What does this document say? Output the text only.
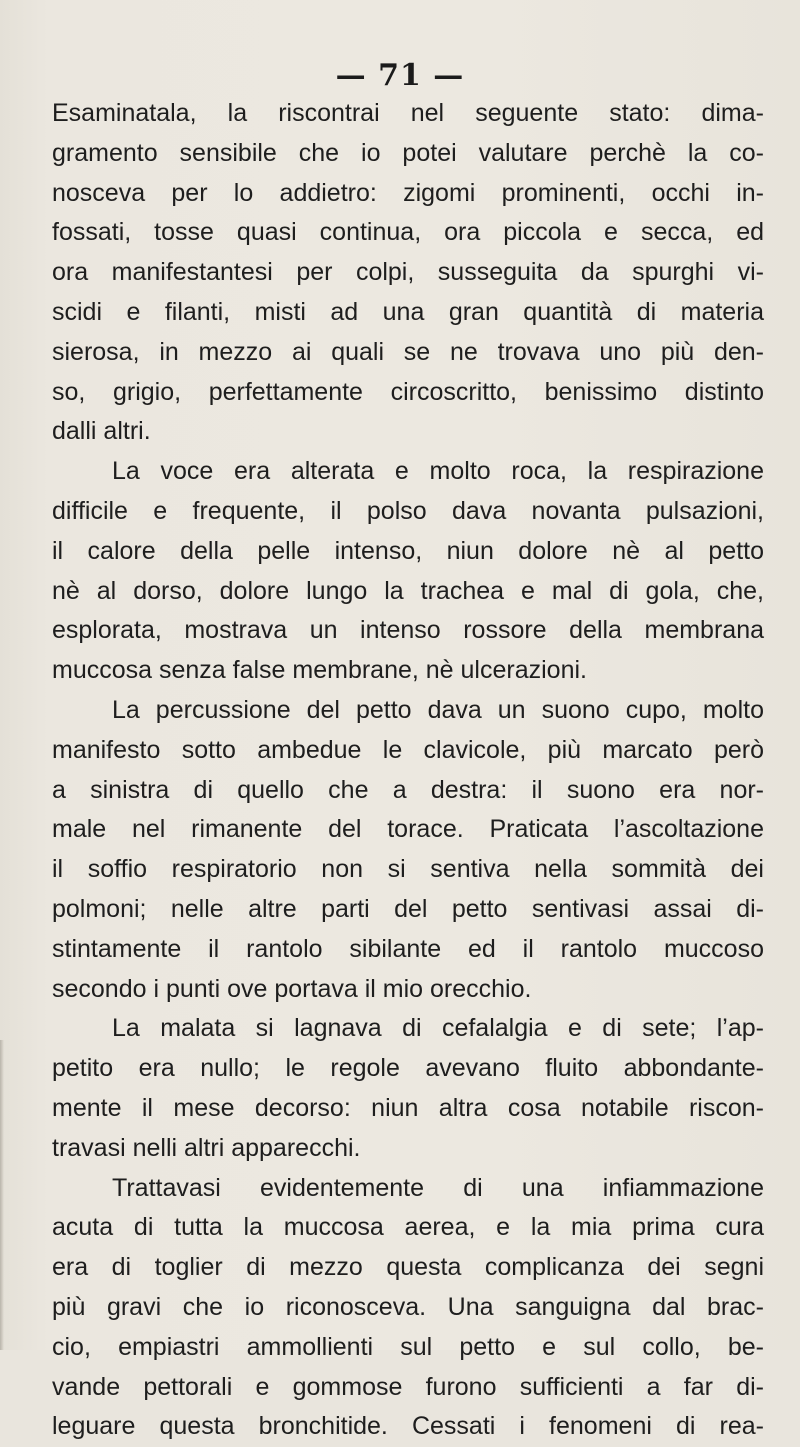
— 71 —
Esaminatala, la riscontrai nel seguente stato: dima-
gramento sensibile che io potei valutare perchè la co-
nosceva per lo addietro: zigomi prominenti, occhi in-
fossati, tosse quasi continua, ora piccola e secca, ed
ora manifestantesi per colpi, susseguita da spurghi vi-
scidi e filanti, misti ad una gran quantità di materia
sierosa, in mezzo ai quali se ne trovava uno più den-
so, grigio, perfettamente circoscritto, benissimo distinto
dalli altri.
La voce era alterata e molto roca, la respirazione
difficile e frequente, il polso dava novanta pulsazioni,
il calore della pelle intenso, niun dolore nè al petto
nè al dorso, dolore lungo la trachea e mal di gola, che,
esplorata, mostrava un intenso rossore della membrana
muccosa senza false membrane, nè ulcerazioni.
La percussione del petto dava un suono cupo, molto
manifesto sotto ambedue le clavicole, più marcato però
a sinistra di quello che a destra: il suono era nor-
male nel rimanente del torace. Praticata l’ascoltazione
il soffio respiratorio non si sentiva nella sommità dei
polmoni; nelle altre parti del petto sentivasi assai di-
stintamente il rantolo sibilante ed il rantolo muccoso
secondo i punti ove portava il mio orecchio.
La malata si lagnava di cefalalgia e di sete; l’ap-
petito era nullo; le regole avevano fluito abbondante-
mente il mese decorso: niun altra cosa notabile riscon-
travasi nelli altri apparecchi.
Trattavasi evidentemente di una infiammazione
acuta di tutta la muccosa aerea, e la mia prima cura
era di toglier di mezzo questa complicanza dei segni
più gravi che io riconosceva. Una sanguigna dal brac-
cio, empiastri ammollienti sul petto e sul collo, be-
vande pettorali e gommose furono sufficienti a far di-
leguare questa bronchitide. Cessati i fenomeni di rea-
